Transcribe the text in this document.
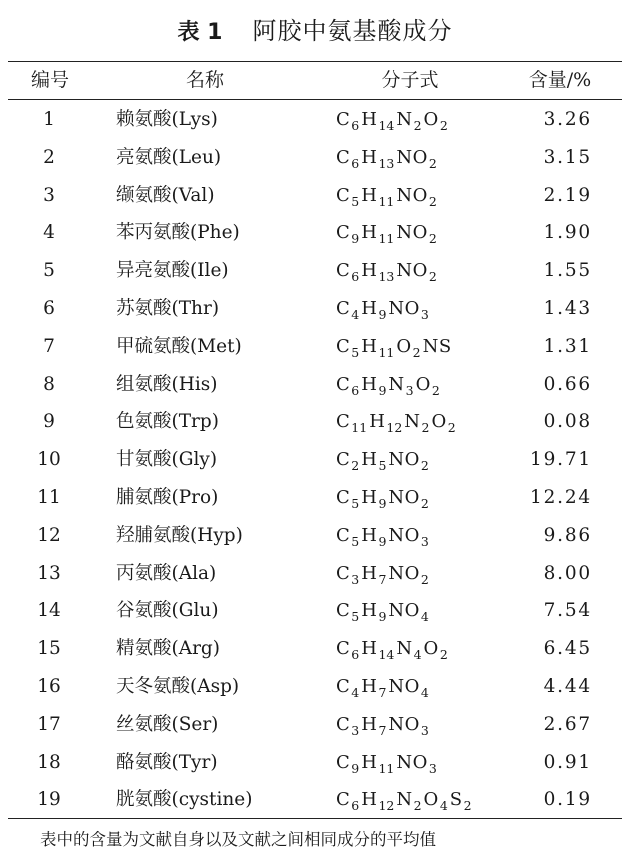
表 1 阿胶中氨基酸成分
编号	名称	分子式	含量/%
1	赖氨酸(Lys)	$C_6$ $H_{14}$ $N_2$ $O_2$	3.26
2	亮氨酸(Leu)	$C_6$ $H_{13}$ $NO_2$	3.15
3	缬氨酸(Val)	$C_5$ $H_{11}$ $NO_2$	2.19
4	苯丙氨酸(Phe)	$C_9$ $H_{11}$ $NO_2$	1.90
5	异亮氨酸(Ile)	$C_6$ $H_{13}$ $NO_2$	1.55
6	苏氨酸(Thr)	$C_4$ $H_9$ $NO_3$	1.43
7	甲硫氨酸(Met)	$C_5$ $H_{11}$ $O_2$ NS	1.31
8	组氨酸(His)	$C_6$ $H_9$ $N_3$ $O_2$	0.66
9	色氨酸(Trp)	$C_{11}$ $H_{12}$ $N_2$ $O_2$	0.08
10	甘氨酸(Gly)	$C_2$ $H_5$ $NO_2$	19.71
11	脯氨酸(Pro)	$C_5$ $H_9$ $NO_2$	12.24
12	羟脯氨酸(Hyp)	$C_5$ $H_9$ $NO_3$	9.86
13	丙氨酸(Ala)	$C_3$ $H_7$ $NO_2$	8.00
14	谷氨酸(Glu)	$C_5$ $H_9$ $NO_4$	7.54
15	精氨酸(Arg)	$C_6$ $H_{14}$ $N_4$ $O_2$	6.45
16	天冬氨酸(Asp)	$C_4$ $H_7$ $NO_4$	4.44
17	丝氨酸(Ser)	$C_3$ $H_7$ $NO_3$	2.67
18	酪氨酸(Tyr)	$C_9$ $H_{11}$ $NO_3$	0.91
19	胱氨酸(cystine)	$C_6$ $H_{12}$ $N_2$ $O_4$ $S_2$	0.19
表中的含量为文献自身以及文献之间相同成分的平均值
